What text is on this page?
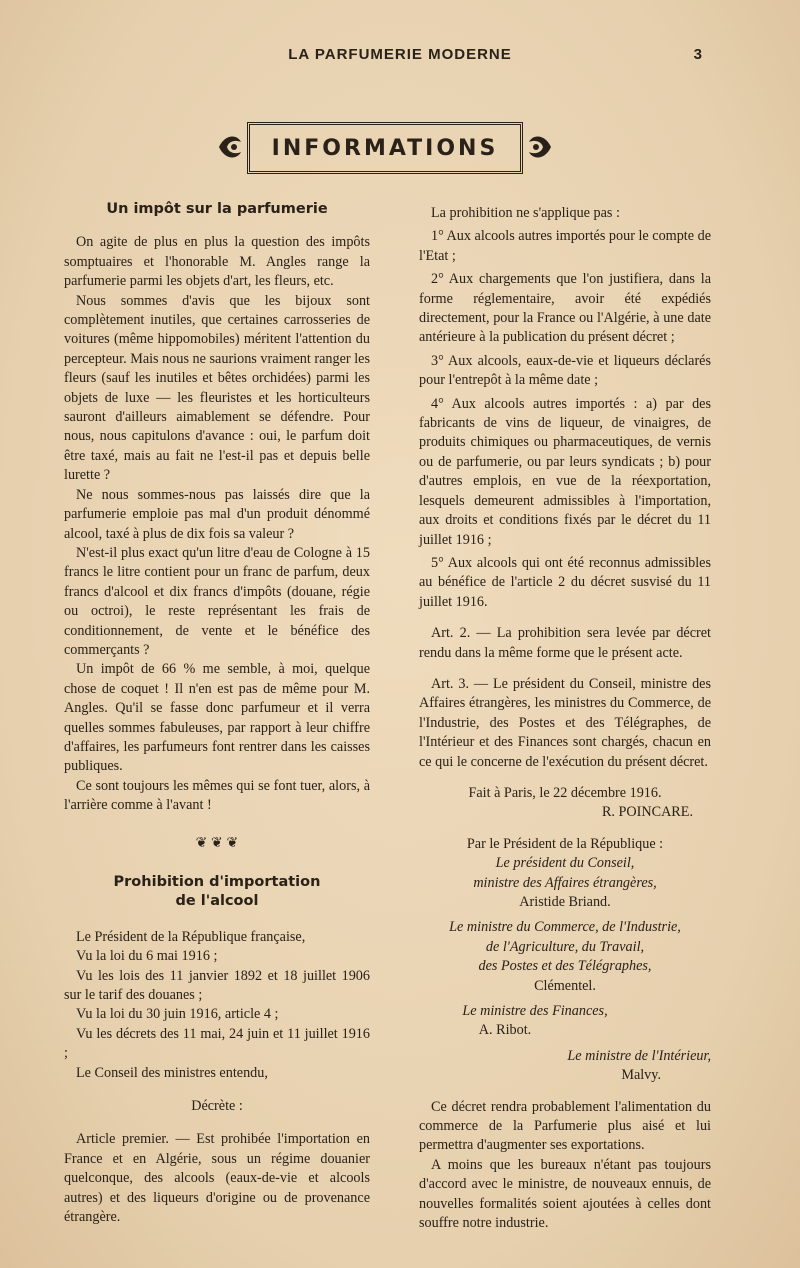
LA PARFUMERIE MODERNE	3
INFORMATIONS
Un impôt sur la parfumerie

On agite de plus en plus la question des impôts somptuaires et l'honorable M. Angles range la parfumerie parmi les objets d'art, les fleurs, etc.

Nous sommes d'avis que les bijoux sont complètement inutiles, que certaines carrosseries de voitures (même hippomobiles) méritent l'attention du percepteur. Mais nous ne saurions vraiment ranger les fleurs (sauf les inutiles et bêtes orchidées) parmi les objets de luxe — les fleuristes et les horticulteurs sauront d'ailleurs aimablement se défendre. Pour nous, nous capitulons d'avance : oui, le parfum doit être taxé, mais au fait ne l'est-il pas et depuis belle lurette ?

Ne nous sommes-nous pas laissés dire que la parfumerie emploie pas mal d'un produit dénommé alcool, taxé à plus de dix fois sa valeur ?

N'est-il plus exact qu'un litre d'eau de Cologne à 15 francs le litre contient pour un franc de parfum, deux francs d'alcool et dix francs d'impôts (douane, régie ou octroi), le reste représentant les frais de conditionnement, de vente et le bénéfice des commerçants ?

Un impôt de 66 % me semble, à moi, quelque chose de coquet ! Il n'en est pas de même pour M. Angles. Qu'il se fasse donc parfumeur et il verra quelles sommes fabuleuses, par rapport à leur chiffre d'affaires, les parfumeurs font rentrer dans les caisses publiques.

Ce sont toujours les mêmes qui se font tuer, alors, à l'arrière comme à l'avant !

❦ ❦ ❦

Prohibition d'importation
de l'alcool

Le Président de la République française,

Vu la loi du 6 mai 1916 ;

Vu les lois des 11 janvier 1892 et 18 juillet 1906 sur le tarif des douanes ;

Vu la loi du 30 juin 1916, article 4 ;

Vu les décrets des 11 mai, 24 juin et 11 juillet 1916 ;

Le Conseil des ministres entendu,

Décrète :

Article premier. — Est prohibée l'importation en France et en Algérie, sous un régime douanier quelconque, des alcools (eaux-de-vie et alcools autres) et des liqueurs d'origine ou de provenance étrangère.

La prohibition ne s'applique pas :

1° Aux alcools autres importés pour le compte de l'Etat ;

2° Aux chargements que l'on justifiera, dans la forme réglementaire, avoir été expédiés directement, pour la France ou l'Algérie, à une date antérieure à la publication du présent décret ;

3° Aux alcools, eaux-de-vie et liqueurs déclarés pour l'entrepôt à la même date ;

4° Aux alcools autres importés : a) par des fabricants de vins de liqueur, de vinaigres, de produits chimiques ou pharmaceutiques, de vernis ou de parfumerie, ou par leurs syndicats ; b) pour d'autres emplois, en vue de la réexportation, lesquels demeurent admissibles à l'importation, aux droits et conditions fixés par le décret du 11 juillet 1916 ;

5° Aux alcools qui ont été reconnus admissibles au bénéfice de l'article 2 du décret susvisé du 11 juillet 1916.

Art. 2. — La prohibition sera levée par décret rendu dans la même forme que le présent acte.

Art. 3. — Le président du Conseil, ministre des Affaires étrangères, les ministres du Commerce, de l'Industrie, des Postes et des Télégraphes, de l'Intérieur et des Finances sont chargés, chacun en ce qui le concerne de l'exécution du présent décret.

Fait à Paris, le 22 décembre 1916.

R. POINCARE.

Par le Président de la République :

Le président du Conseil,

ministre des Affaires étrangères,

Aristide Briand.

Le ministre du Commerce, de l'Industrie,

de l'Agriculture, du Travail,

des Postes et des Télégraphes,

Clémentel.

Le ministre des Finances,

A. Ribot.

Le ministre de l'Intérieur,

Malvy.

Ce décret rendra probablement l'alimentation du commerce de la Parfumerie plus aisé et lui permettra d'augmenter ses exportations.

A moins que les bureaux n'étant pas toujours d'accord avec le ministre, de nouveaux ennuis, de nouvelles formalités soient ajoutées à celles dont souffre notre industrie.
